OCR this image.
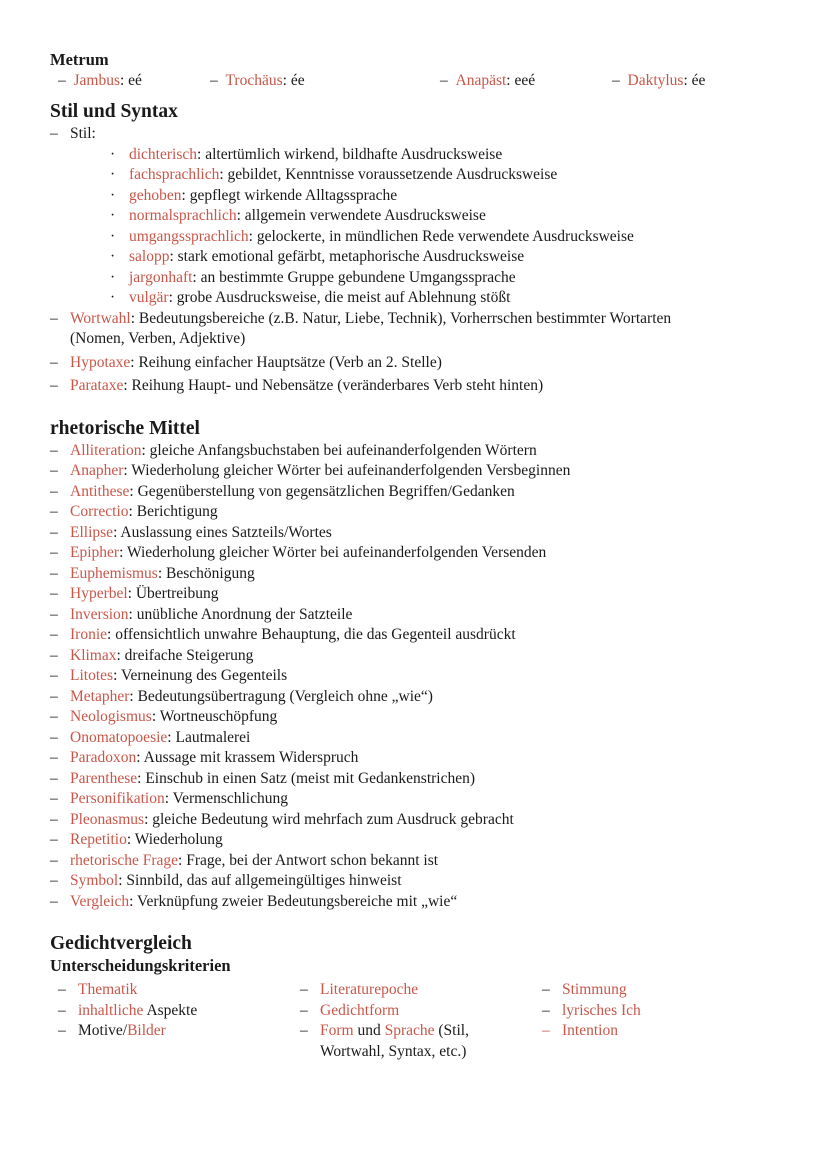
Metrum
– Jambus: eé	– Trochäus: ée	– Anapäst: eeé	– Daktylus: ée
Stil und Syntax
– Stil:
· dichterisch: altertümlich wirkend, bildhafte Ausdrucksweise
· fachsprachlich: gebildet, Kenntnisse voraussetzende Ausdrucksweise
· gehoben: gepflegt wirkende Alltagssprache
· normalsprachlich: allgemein verwendete Ausdrucksweise
· umgangssprachlich: gelockerte, in mündlichen Rede verwendete Ausdrucksweise
· salopp: stark emotional gefärbt, metaphorische Ausdrucksweise
· jargonhaft: an bestimmte Gruppe gebundene Umgangssprache
· vulgär: grobe Ausdrucksweise, die meist auf Ablehnung stößt
– Wortwahl: Bedeutungsbereiche (z.B. Natur, Liebe, Technik), Vorherrschen bestimmter Wortarten
(Nomen, Verben, Adjektive)
– Hypotaxe: Reihung einfacher Hauptsätze (Verb an 2. Stelle)
– Parataxe: Reihung Haupt- und Nebensätze (veränderbares Verb steht hinten)
rhetorische Mittel
– Alliteration: gleiche Anfangsbuchstaben bei aufeinanderfolgenden Wörtern
– Anapher: Wiederholung gleicher Wörter bei aufeinanderfolgenden Versbeginnen
– Antithese: Gegenüberstellung von gegensätzlichen Begriffen/Gedanken
– Correctio: Berichtigung
– Ellipse: Auslassung eines Satzteils/Wortes
– Epipher: Wiederholung gleicher Wörter bei aufeinanderfolgenden Versenden
– Euphemismus: Beschönigung
– Hyperbel: Übertreibung
– Inversion: unübliche Anordnung der Satzteile
– Ironie: offensichtlich unwahre Behauptung, die das Gegenteil ausdrückt
– Klimax: dreifache Steigerung
– Litotes: Verneinung des Gegenteils
– Metapher: Bedeutungsübertragung (Vergleich ohne „wie“)
– Neologismus: Wortneuschöpfung
– Onomatopoesie: Lautmalerei
– Paradoxon: Aussage mit krassem Widerspruch
– Parenthese: Einschub in einen Satz (meist mit Gedankenstrichen)
– Personifikation: Vermenschlichung
– Pleonasmus: gleiche Bedeutung wird mehrfach zum Ausdruck gebracht
– Repetitio: Wiederholung
– rhetorische Frage: Frage, bei der Antwort schon bekannt ist
– Symbol: Sinnbild, das auf allgemeingültiges hinweist
– Vergleich: Verknüpfung zweier Bedeutungsbereiche mit „wie“
Gedichtvergleich
Unterscheidungskriterien
– Thematik
– inhaltliche Aspekte
– Motive/Bilder
– Literaturepoche
– Gedichtform
– Form und Sprache (Stil,
Wortwahl, Syntax, etc.)
– Stimmung
– lyrisches Ich
– Intention
